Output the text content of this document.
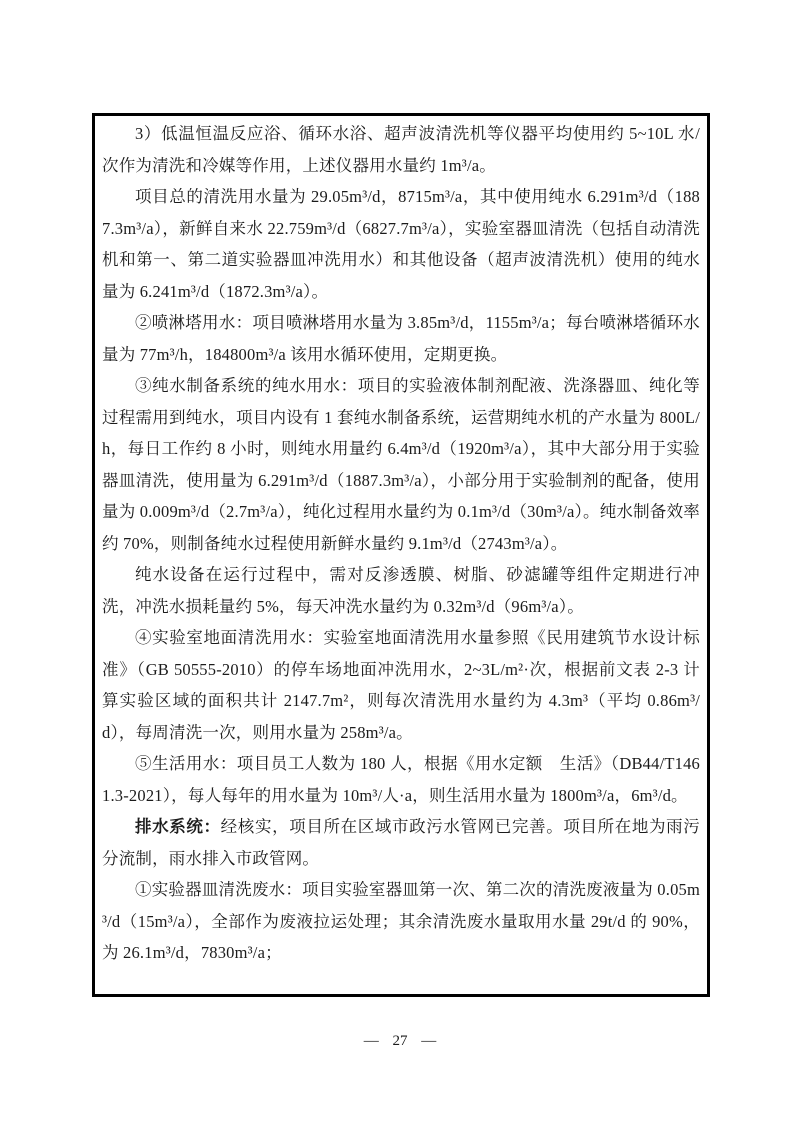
3）低温恒温反应浴、循环水浴、超声波清洗机等仪器平均使用约 5~10L 水/次作为清洗和冷媒等作用，上述仪器用水量约 1m³/a。

项目总的清洗用水量为 29.05m³/d，8715m³/a，其中使用纯水 6.291m³/d（1887.3m³/a），新鲜自来水 22.759m³/d（6827.7m³/a），实验室器皿清洗（包括自动清洗机和第一、第二道实验器皿冲洗用水）和其他设备（超声波清洗机）使用的纯水量为 6.241m³/d（1872.3m³/a）。

②喷淋塔用水：项目喷淋塔用水量为 3.85m³/d，1155m³/a；每台喷淋塔循环水量为 77m³/h，184800m³/a 该用水循环使用，定期更换。

③纯水制备系统的纯水用水：项目的实验液体制剂配液、洗涤器皿、纯化等过程需用到纯水，项目内设有 1 套纯水制备系统，运营期纯水机的产水量为 800L/h，每日工作约 8 小时，则纯水用量约 6.4m³/d（1920m³/a），其中大部分用于实验器皿清洗，使用量为 6.291m³/d（1887.3m³/a），小部分用于实验制剂的配备，使用量为 0.009m³/d（2.7m³/a），纯化过程用水量约为 0.1m³/d（30m³/a）。纯水制备效率约 70%，则制备纯水过程使用新鲜水量约 9.1m³/d（2743m³/a）。

纯水设备在运行过程中，需对反渗透膜、树脂、砂滤罐等组件定期进行冲洗，冲洗水损耗量约 5%，每天冲洗水量约为 0.32m³/d（96m³/a）。

④实验室地面清洗用水：实验室地面清洗用水量参照《民用建筑节水设计标准》（GB 50555-2010）的停车场地面冲洗用水，2~3L/m²·次，根据前文表 2-3 计算实验区域的面积共计 2147.7m²，则每次清洗用水量约为 4.3m³（平均 0.86m³/d），每周清洗一次，则用水量为 258m³/a。

⑤生活用水：项目员工人数为 180 人，根据《用水定额　生活》（DB44/T1461.3-2021），每人每年的用水量为 10m³/人·a，则生活用水量为 1800m³/a，6m³/d。

排水系统：经核实，项目所在区域市政污水管网已完善。项目所在地为雨污分流制，雨水排入市政管网。

①实验器皿清洗废水：项目实验室器皿第一次、第二次的清洗废液量为 0.05m³/d（15m³/a），全部作为废液拉运处理；其余清洗废水量取用水量 29t/d 的 90%，为 26.1m³/d，7830m³/a；

— 27 —
